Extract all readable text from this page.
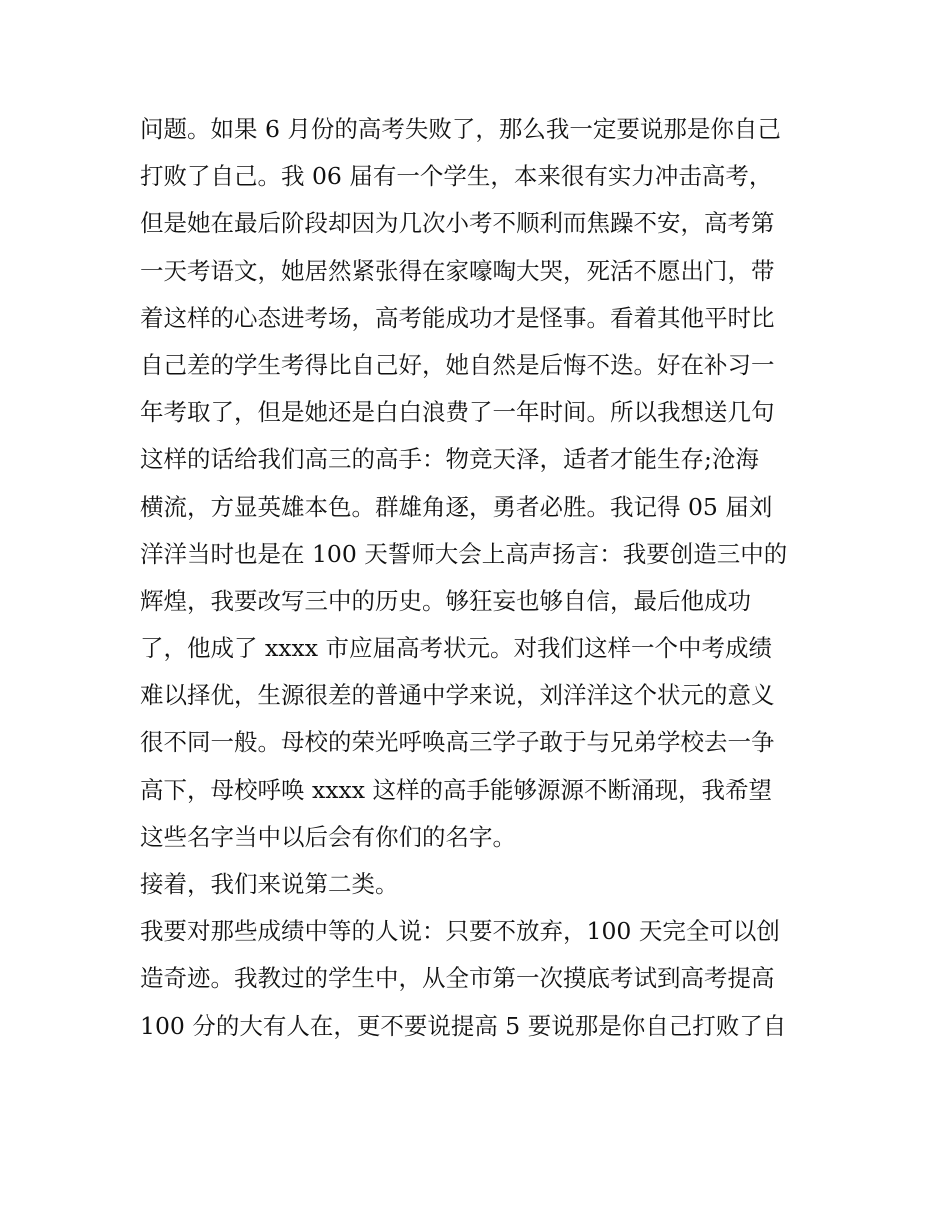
问题。如果 6 月份的高考失败了，那么我一定要说那是你自己
打败了自己。我 06 届有一个学生，本来很有实力冲击高考，
但是她在最后阶段却因为几次小考不顺利而焦躁不安，高考第
一天考语文，她居然紧张得在家嚎啕大哭，死活不愿出门，带
着这样的心态进考场，高考能成功才是怪事。看着其他平时比
自己差的学生考得比自己好，她自然是后悔不迭。好在补习一
年考取了，但是她还是白白浪费了一年时间。所以我想送几句
这样的话给我们高三的高手：物竞天泽，适者才能生存;沧海
横流，方显英雄本色。群雄角逐，勇者必胜。我记得 05 届刘
洋洋当时也是在 100 天誓师大会上高声扬言：我要创造三中的
辉煌，我要改写三中的历史。够狂妄也够自信，最后他成功
了，他成了 xxxx 市应届高考状元。对我们这样一个中考成绩
难以择优，生源很差的普通中学来说，刘洋洋这个状元的意义
很不同一般。母校的荣光呼唤高三学子敢于与兄弟学校去一争
高下，母校呼唤 xxxx 这样的高手能够源源不断涌现，我希望
这些名字当中以后会有你们的名字。
接着，我们来说第二类。
我要对那些成绩中等的人说：只要不放弃，100 天完全可以创
造奇迹。我教过的学生中，从全市第一次摸底考试到高考提高
100 分的大有人在，更不要说提高 5 要说那是你自己打败了自
